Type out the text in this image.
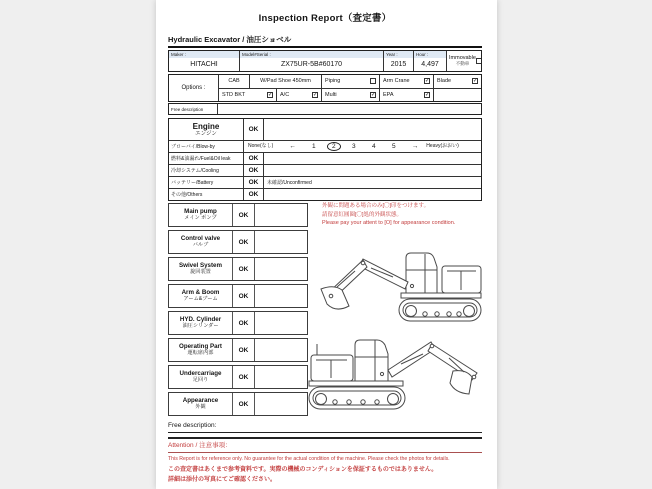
外観に問題ある場合のみ[〇]印をつけます。
請留意紅圓圈[〇]処的外観状態。
Please pay your attent to [O] for appearance condition.
Inspection Report（査定書）
Hydraulic Excavator / 油圧ショベル
Maker :
HITACHI
Model#Serial :
ZX75UR-5B#60170
Year :
2015
Hour :
4,497
Immovable
不動車
Options :
CAB	W/Pad Shoe 450mm	Piping	Arm Crane	✓ Blade	✓
STD BKT	✓ A/C	✓ Multi	✓ EPA	✓
Free description
Engine
エンジン
OK
ブローバイ/Blow-by	None(なし) ←	1	2	3	4	5	→ Heavy(おおい)
燃料&油漏れ/Fuel&Oil leak	OK
冷却システム/Cooling	OK
バッテリー/Battery	OK	未確認/Unconfirmed
その他/Others	OK
Main pump
メイン ポンプ	OK
Control valve
バルブ	OK
Swivel System
旋回装置	OK
Arm & Boom
アーム&ブーム	OK
HYD. Cylinder
油圧シリンダー	OK
Operating Part
運転席内部	OK
Undercarriage
足回り	OK
Appearance
外観	OK
Free description:
Attention / 注意事項：
This Report is for reference only. No guarantee for the actual condition of the machine. Please check the photos for details.
この査定書はあくまで参考資料です。実際の機械のコンディションを保証するものではありません。
詳細は添付の写真にてご確認ください。
